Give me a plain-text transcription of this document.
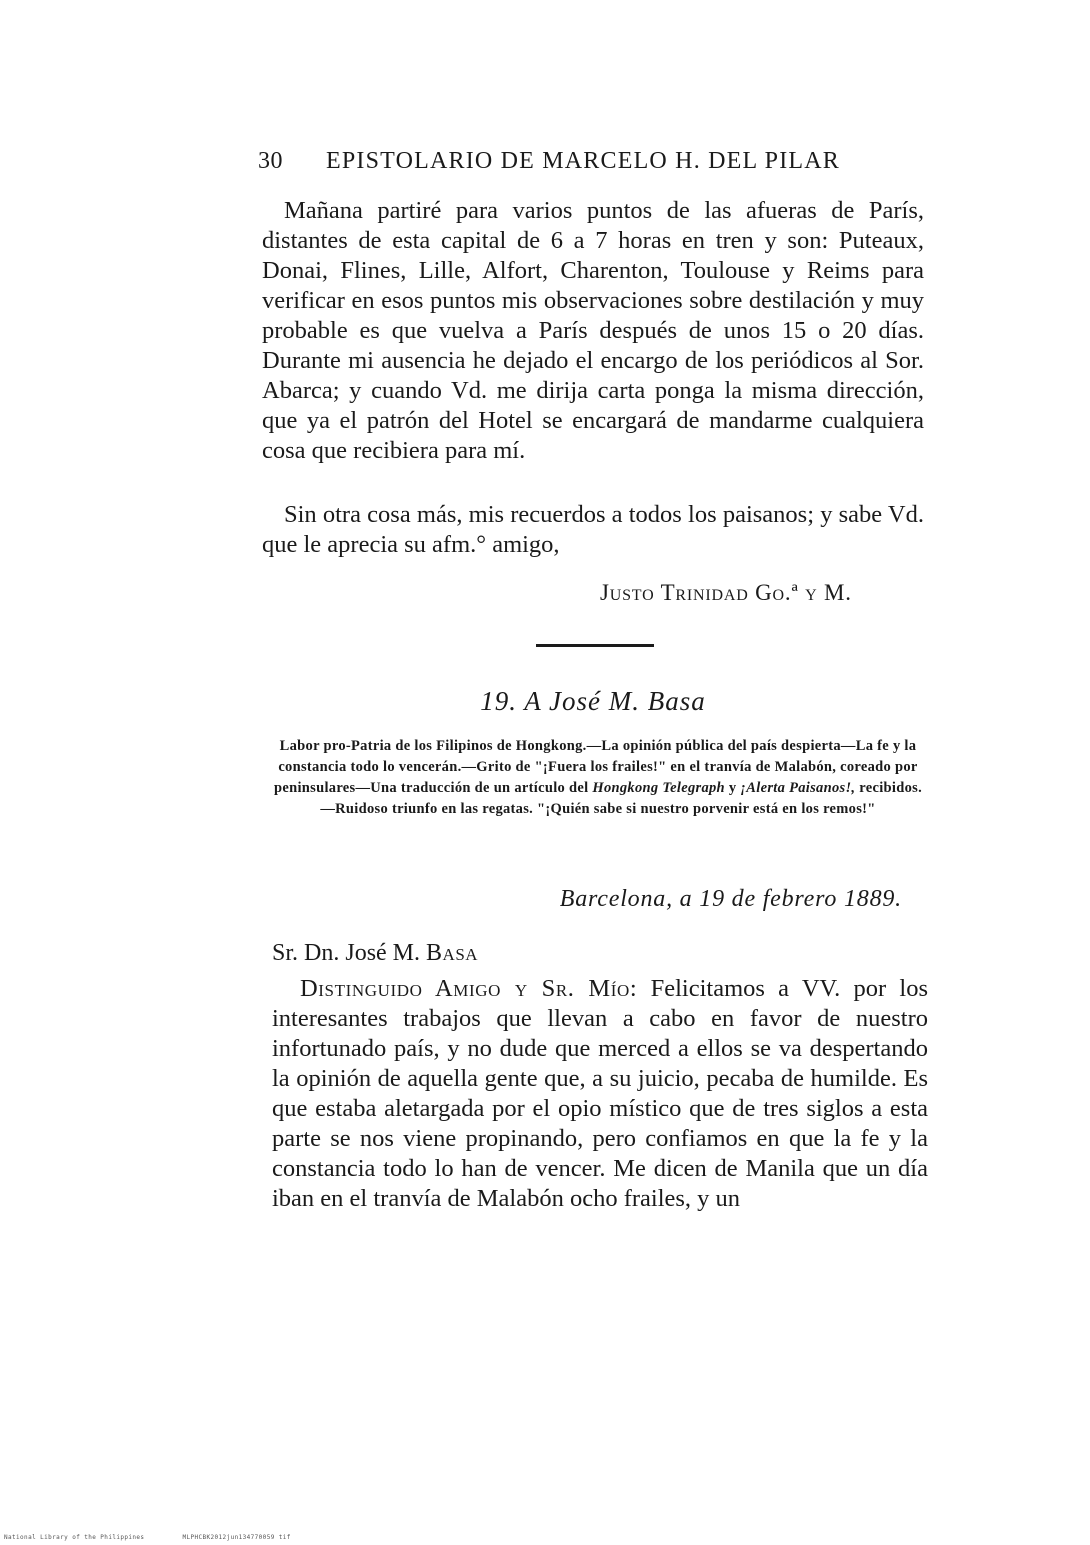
30 EPISTOLARIO DE MARCELO H. DEL PILAR

Mañana partiré para varios puntos de las afueras de París, distantes de esta capital de 6 a 7 horas en tren y son: Puteaux, Donai, Flines, Lille, Alfort, Charenton, Toulouse y Reims para verificar en esos puntos mis observaciones sobre destilación y muy probable es que vuelva a París después de unos 15 o 20 días. Durante mi ausencia he dejado el encargo de los periódicos al Sor. Abarca; y cuando Vd. me dirija carta ponga la misma dirección, que ya el patrón del Hotel se encargará de mandarme cualquiera cosa que recibiera para mí.

Sin otra cosa más, mis recuerdos a todos los paisanos; y sabe Vd. que le aprecia su afm.° amigo,

Justo Trinidad Go.ª y M.
19. A José M. Basa

Labor pro-Patria de los Filipinos de Hongkong.—La opinión pública del país despierta—La fe y la constancia todo lo vencerán.—Grito de "¡Fuera los frailes!" en el tranvía de Malabón, coreado por peninsulares—Una traducción de un artículo del Hongkong Telegraph y ¡Alerta Paisanos!, recibidos.—Ruidoso triunfo en las regatas. "¡Quién sabe si nuestro porvenir está en los remos!"

Barcelona, a 19 de febrero 1889.
Sr. Dn. José M. Basa

Distinguido Amigo y Sr. Mío: Felicitamos a VV. por los interesantes trabajos que llevan a cabo en favor de nuestro infortunado país, y no dude que merced a ellos se va despertando la opinión de aquella gente que, a su juicio, pecaba de humilde. Es que estaba aletargada por el opio místico que de tres siglos a esta parte se nos viene propinando, pero confiamos en que la fe y la constancia todo lo han de vencer. Me dicen de Manila que un día iban en el tranvía de Malabón ocho frailes, y un

National Library of the Philippines	MLPHCBK2012jun134770059 tif
